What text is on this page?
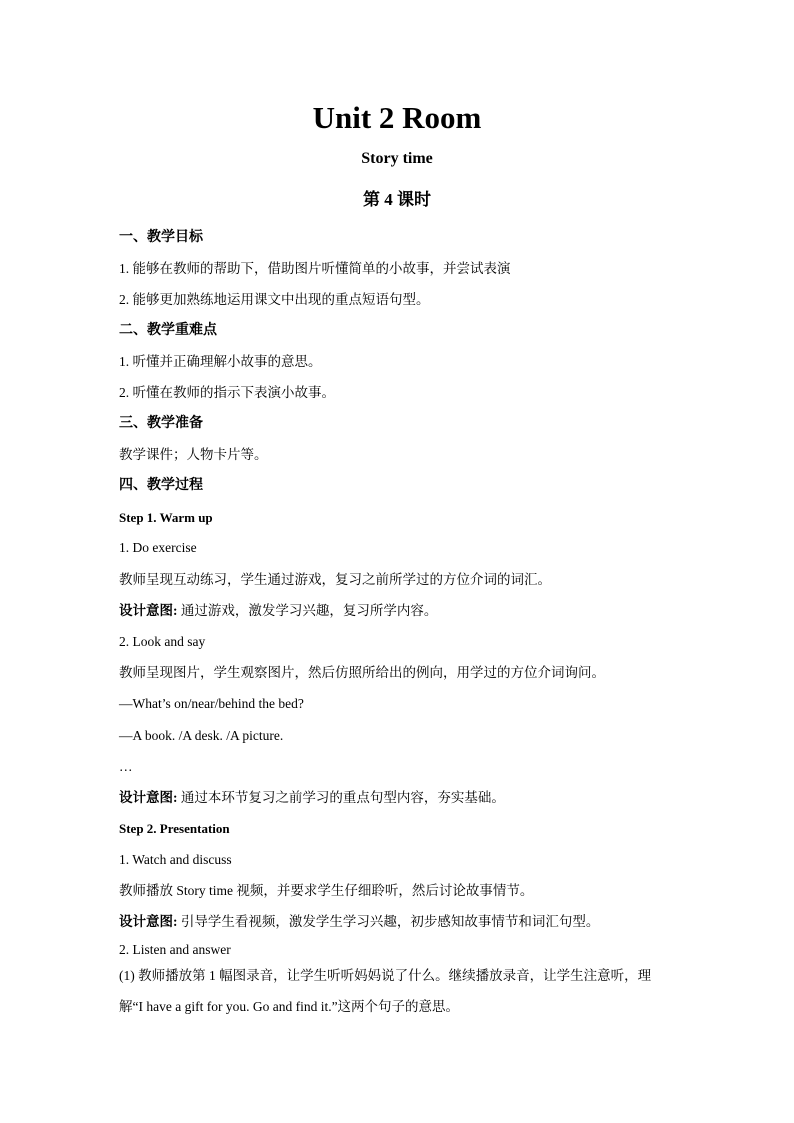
Unit 2 Room
Story time
第 4 课时
一、教学目标
1. 能够在教师的帮助下，借助图片听懂简单的小故事，并尝试表演
2. 能够更加熟练地运用课文中出现的重点短语句型。
二、教学重难点
1. 听懂并正确理解小故事的意思。
2. 听懂在教师的指示下表演小故事。
三、教学准备
教学课件；人物卡片等。
四、教学过程
Step 1. Warm up
1. Do exercise
教师呈现互动练习，学生通过游戏，复习之前所学过的方位介词的词汇。
设计意图: 通过游戏，激发学习兴趣，复习所学内容。
2. Look and say
教师呈现图片，学生观察图片，然后仿照所给出的例向，用学过的方位介词询问。
—What’s on/near/behind the bed?
—A book. /A desk. /A picture.
…
设计意图: 通过本环节复习之前学习的重点句型内容，夯实基础。
Step 2. Presentation
1. Watch and discuss
教师播放 Story time 视频，并要求学生仔细聆听，然后讨论故事情节。
设计意图: 引导学生看视频，激发学生学习兴趣，初步感知故事情节和词汇句型。
2. Listen and answer
(1) 教师播放第 1 幅图录音，让学生听听妈妈说了什么。继续播放录音，让学生注意听，理
解“I have a gift for you. Go and find it.”这两个句子的意思。
